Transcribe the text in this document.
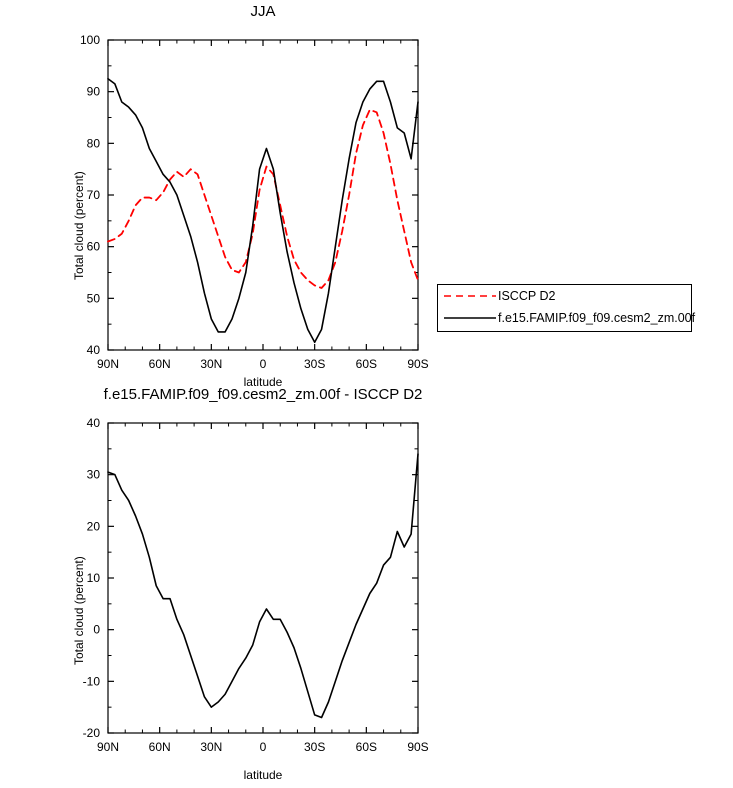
JJA
90N 60N 30N	0	30S	60S	90S
40
50
60
70
80
90
100
latitude
Total cloud (percent)
ISCCP D2
f.e15.FAMIP.f09_f09.cesm2_zm.00f
f.e15.FAMIP.f09_f09.cesm2_zm.00f - ISCCP D2
90N 60N 30N	0	30S	60S	90S
-20
-10
0
10
20
30
40
latitude
Total cloud (percent)
